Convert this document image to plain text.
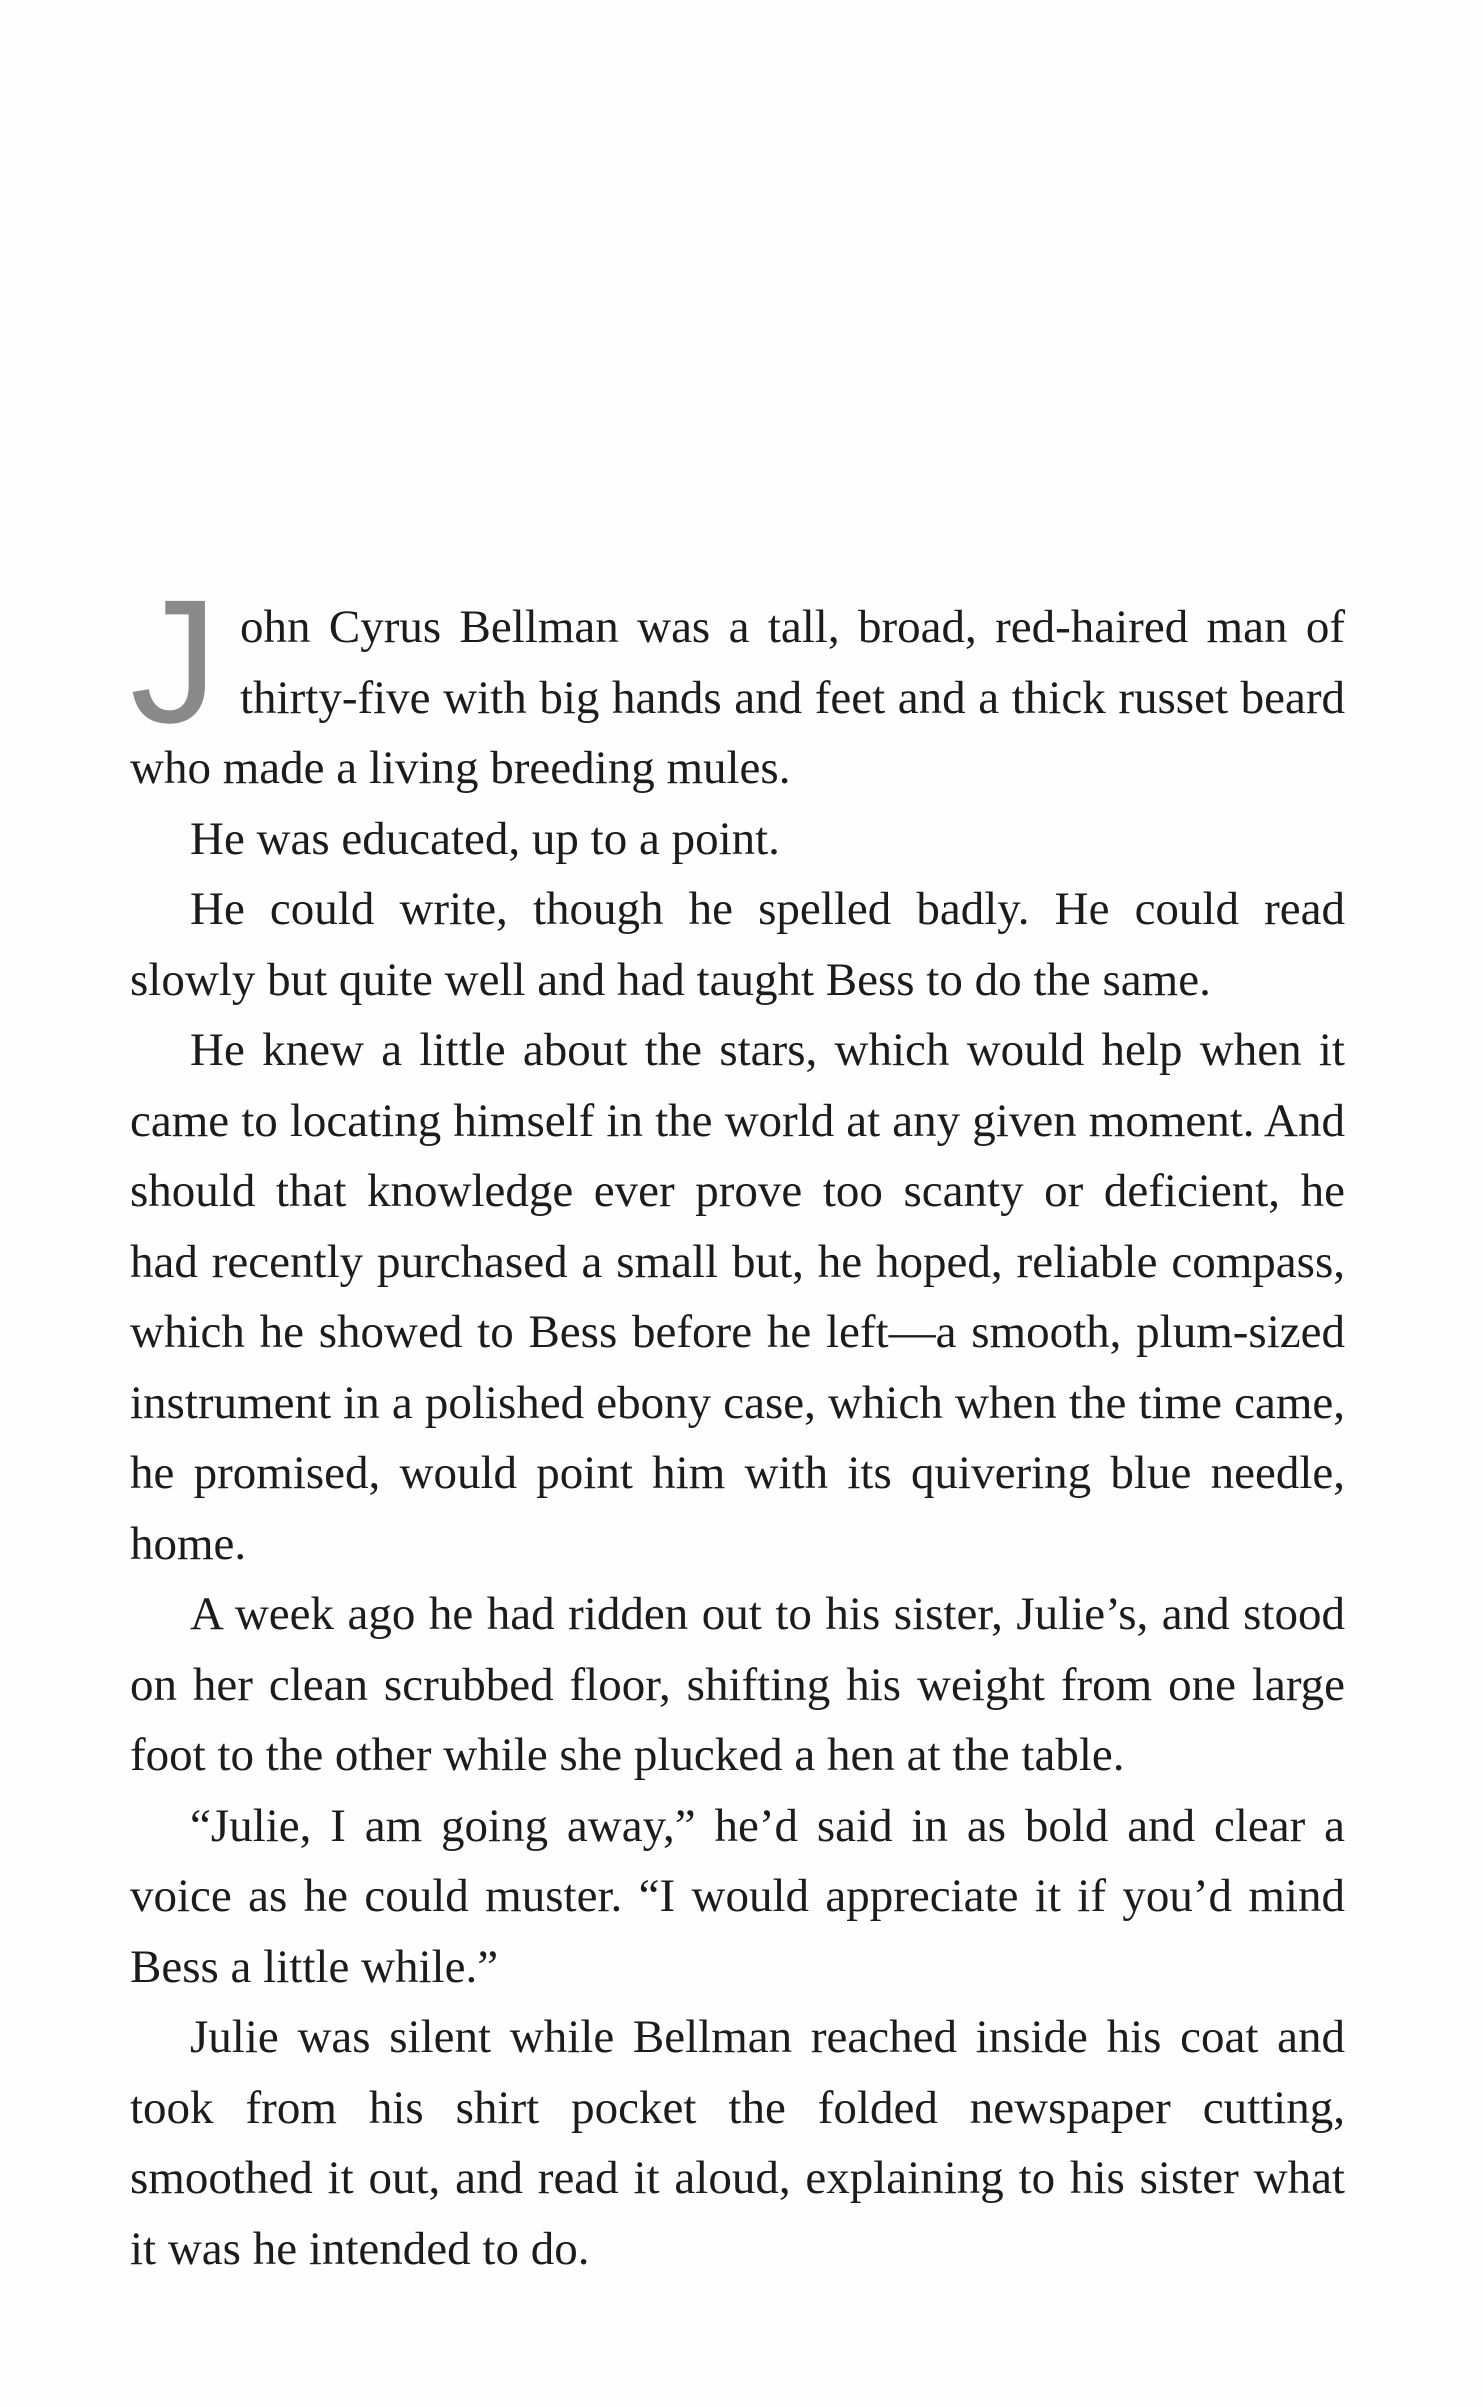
John Cyrus Bellman was a tall, broad, red-haired man of thirty-five with big hands and feet and a thick russet beard who made a living breeding mules.

He was educated, up to a point.

He could write, though he spelled badly. He could read slowly but quite well and had taught Bess to do the same.

He knew a little about the stars, which would help when it came to locating himself in the world at any given moment. And should that knowledge ever prove too scanty or deficient, he had recently purchased a small but, he hoped, reliable compass, which he showed to Bess before he left—a smooth, plum-sized instrument in a polished ebony case, which when the time came, he promised, would point him with its quivering blue needle, home.

A week ago he had ridden out to his sister, Julie’s, and stood on her clean scrubbed floor, shifting his weight from one large foot to the other while she plucked a hen at the table.

“Julie, I am going away,” he’d said in as bold and clear a voice as he could muster. “I would appreciate it if you’d mind Bess a little while.”

Julie was silent while Bellman reached inside his coat and took from his shirt pocket the folded newspaper cutting, smoothed it out, and read it aloud, explaining to his sister what it was he intended to do.
